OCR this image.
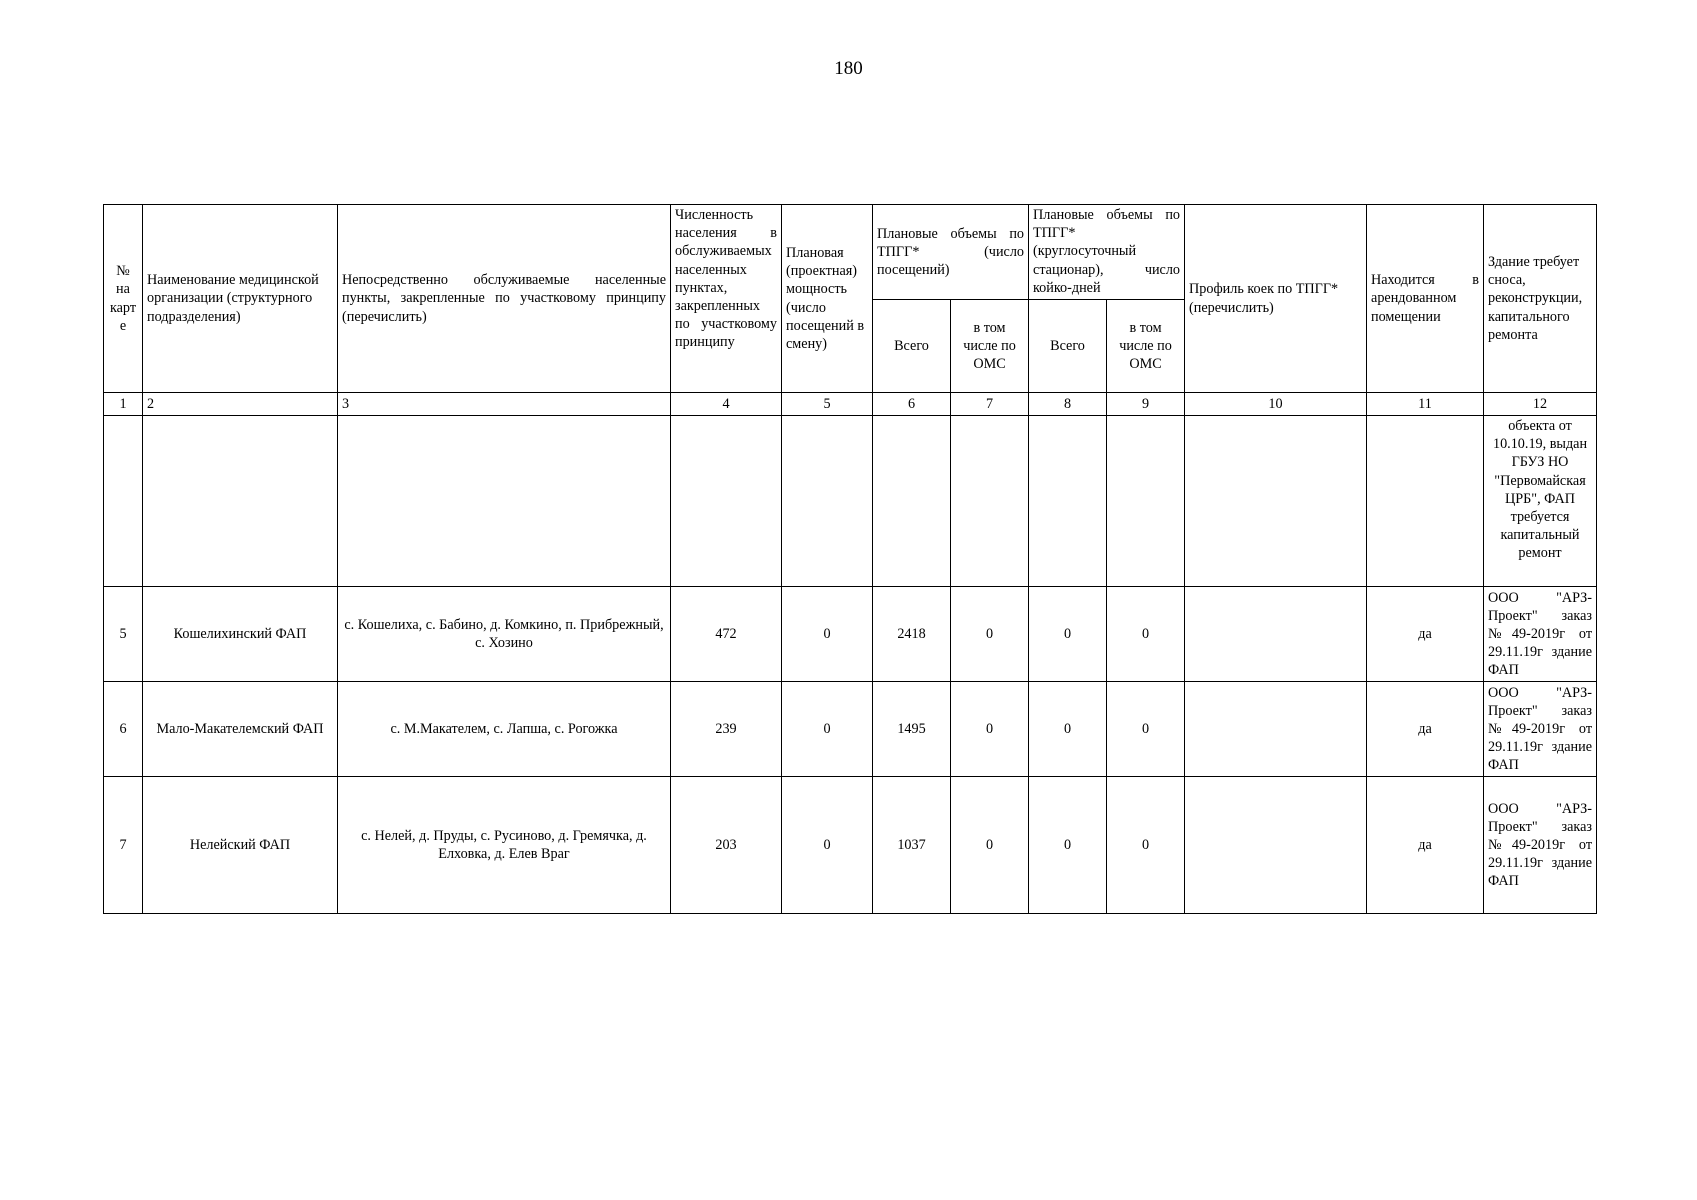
180
№ на карте	Наименование медицинской организации (структурного подразделения)	Непосредственно обслуживаемые населенные пункты, закрепленные по участковому принципу (перечислить)	Численность населения в обслуживаемых населенных пунктах, закрепленных по участковому принципу	Плановая (проектная) мощность (число посещений в смену)	Плановые объемы по ТПГГ* (число посещений)		Плановые объемы по ТПГГ* (круглосуточный стационар), число койко-дней		Профиль коек по ТПГГ* (перечислить)	Находится в арендованном помещении	Здание требует сноса, реконструкции, капитального ремонта
					Всего	в том числе по ОМС	Всего	в том числе по ОМС			
1	2	3	4	5	6	7	8	9	10	11	12
											объекта от 10.10.19, выдан ГБУЗ НО "Первомайская ЦРБ", ФАП требуется капитальный ремонт
5	Кошелихинский ФАП	с. Кошелиха, с. Бабино, д. Комкино, п. Прибрежный, с. Хозино	472	0	2418	0	0	0		да	ООО "АРЗ-Проект" заказ №49-2019г от 29.11.19г здание ФАП
6	Мало-Макателемский ФАП	с. М.Макателем, с. Лапша, с. Рогожка	239	0	1495	0	0	0		да	ООО "АРЗ-Проект" заказ №49-2019г от 29.11.19г здание ФАП
7	Нелейский ФАП	с. Нелей, д. Пруды, с. Русиново, д. Гремячка, д. Елховка, д. Елев Враг	203	0	1037	0	0	0		да	ООО "АРЗ-Проект" заказ №49-2019г от 29.11.19г здание ФАП
